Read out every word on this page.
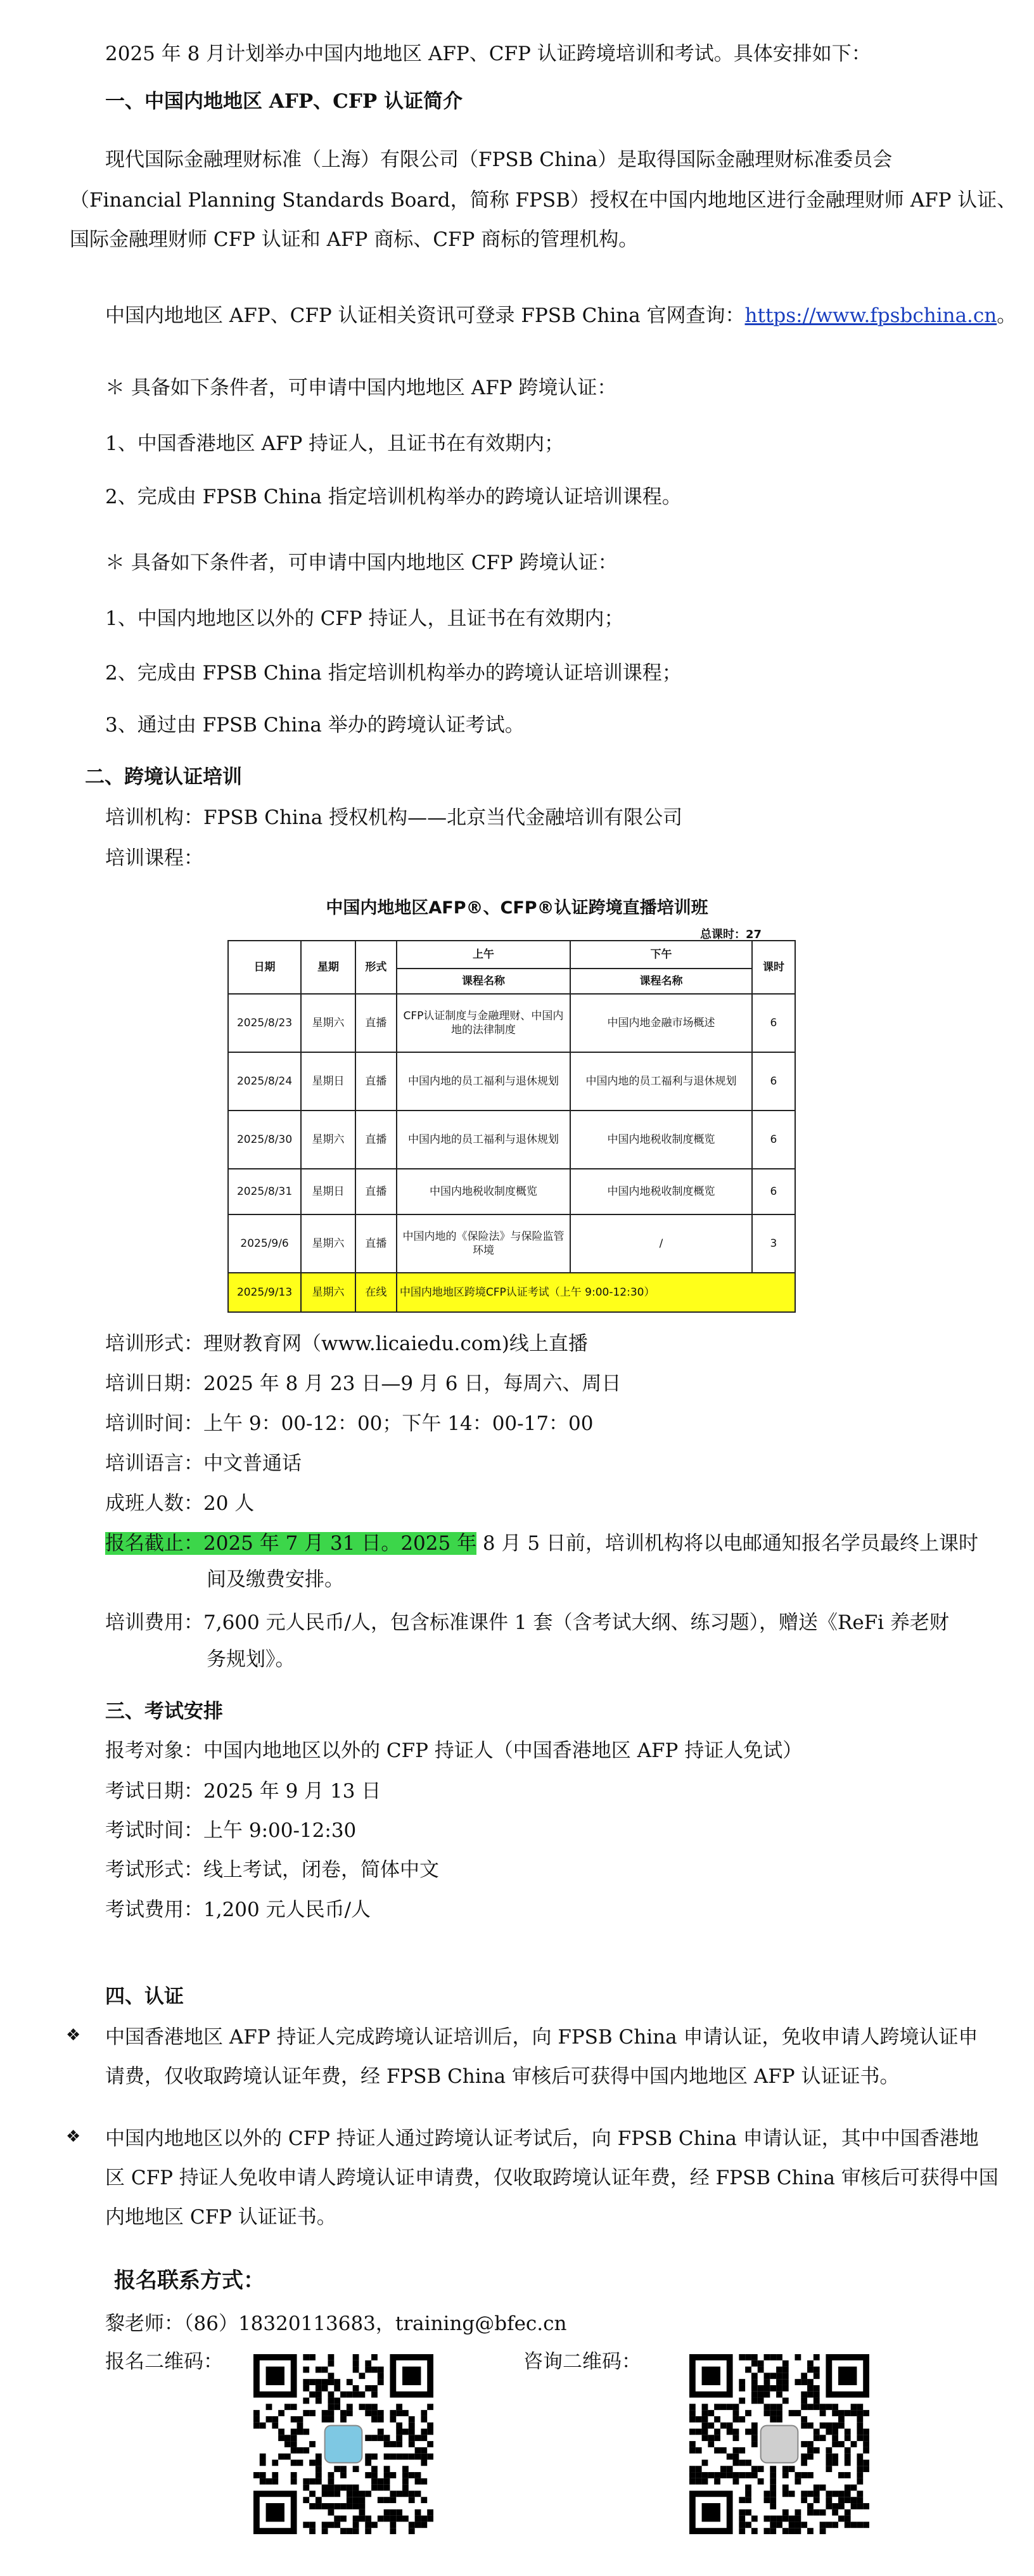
2025 年 8 月计划举办中国内地地区 AFP、CFP 认证跨境培训和考试。具体安排如下：
一、中国内地地区 AFP、CFP 认证简介
现代国际金融理财标准（上海）有限公司（FPSB China）是取得国际金融理财标准委员会
（Financial Planning Standards Board，简称 FPSB）授权在中国内地地区进行金融理财师 AFP 认证、
国际金融理财师 CFP 认证和 AFP 商标、CFP 商标的管理机构。
中国内地地区 AFP、CFP 认证相关资讯可登录 FPSB China 官网查询：https://www.fpsbchina.cn。
＊ 具备如下条件者，可申请中国内地地区 AFP 跨境认证：
1、中国香港地区 AFP 持证人，且证书在有效期内；
2、完成由 FPSB China 指定培训机构举办的跨境认证培训课程。
＊ 具备如下条件者，可申请中国内地地区 CFP 跨境认证：
1、中国内地地区以外的 CFP 持证人，且证书在有效期内；
2、完成由 FPSB China 指定培训机构举办的跨境认证培训课程；
3、通过由 FPSB China 举办的跨境认证考试。
二、跨境认证培训
培训机构：FPSB China 授权机构——北京当代金融培训有限公司
培训课程：
中国内地地区AFP®、CFP®认证跨境直播培训班
总课时：27
日期	星期	形式	上午	下午	课时
			课程名称	课程名称	
2025/8/23	星期六	直播	CFP认证制度与金融理财、中国内地的法律制度	中国内地金融市场概述	6
2025/8/24	星期日	直播	中国内地的员工福利与退休规划	中国内地的员工福利与退休规划	6
2025/8/30	星期六	直播	中国内地的员工福利与退休规划	中国内地税收制度概览	6
2025/8/31	星期日	直播	中国内地税收制度概览	中国内地税收制度概览	6
2025/9/6	星期六	直播	中国内地的《保险法》与保险监管环境	/	3
2025/9/13	星期六	在线	中国内地地区跨境CFP认证考试（上午 9:00-12:30）		
培训形式：理财教育网（www.licaiedu.com)线上直播
培训日期：2025 年 8 月 23 日—9 月 6 日，每周六、周日
培训时间：上午 9：00-12：00；下午 14：00-17：00
培训语言：中文普通话
成班人数：20 人
报名截止：2025 年 7 月 31 日。2025 年 8 月 5 日前，培训机构将以电邮通知报名学员最终上课时
间及缴费安排。
培训费用：7,600 元人民币/人，包含标准课件 1 套（含考试大纲、练习题），赠送《ReFi 养老财
务规划》。
三、考试安排
报考对象：中国内地地区以外的 CFP 持证人（中国香港地区 AFP 持证人免试）
考试日期：2025 年 9 月 13 日
考试时间：上午 9:00-12:30
考试形式：线上考试，闭卷，简体中文
考试费用：1,200 元人民币/人
四、认证
❖ 中国香港地区 AFP 持证人完成跨境认证培训后，向 FPSB China 申请认证，免收申请人跨境认证申
请费，仅收取跨境认证年费，经 FPSB China 审核后可获得中国内地地区 AFP 认证证书。
❖ 中国内地地区以外的 CFP 持证人通过跨境认证考试后，向 FPSB China 申请认证，其中中国香港地
区 CFP 持证人免收申请人跨境认证申请费，仅收取跨境认证年费，经 FPSB China 审核后可获得中国
内地地区 CFP 认证证书。
报名联系方式：
黎老师：（86）18320113683，training@bfec.cn
报名二维码：	咨询二维码：
